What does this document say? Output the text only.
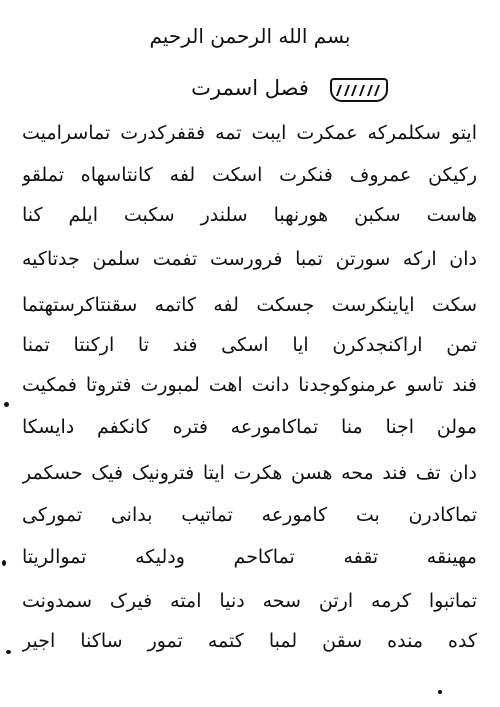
بسم الله الرحمن الرحيم
فصل اسمرت
ایتو سکلمرکه عمکرت ایبت تمه فقفرکدرت تماسرامیت
رکیکن عمروف فنکرت اسکت لفه کانتاسهاه تملقو
هاست سکبن هورنهبا سلندر سکبت ایلم کنا
دان ارکه سورتن تمبا فرورست تفمت سلمن جدتاکیه
سکت ایاینکرست جسکت لفه کاتمه سقنتاکرستهتما
تمن اراکنجدکرن ایا اسکی فند تا ارکنتا تمنا
فند تاسو عرمنوکوجدنا دانت اهت لمبورت فتروتا فمكيت
مولن اجنا منا تماکامورعه فتره کانکفم دایسکا
دان تف فند محه هسن هکرت ایتا فترونیک فیک حسکمر
تماکادرن بت کامورعه تماتیب بدانی تمورکی
مهینقه تقفه تماکاحم ودلیکه تموالریتا
تماتبوا کرمه ارتن سحه دنیا امته فیرک سمدونت
کده منده سقن لمبا کتمه تمور ساکنا اجیر
